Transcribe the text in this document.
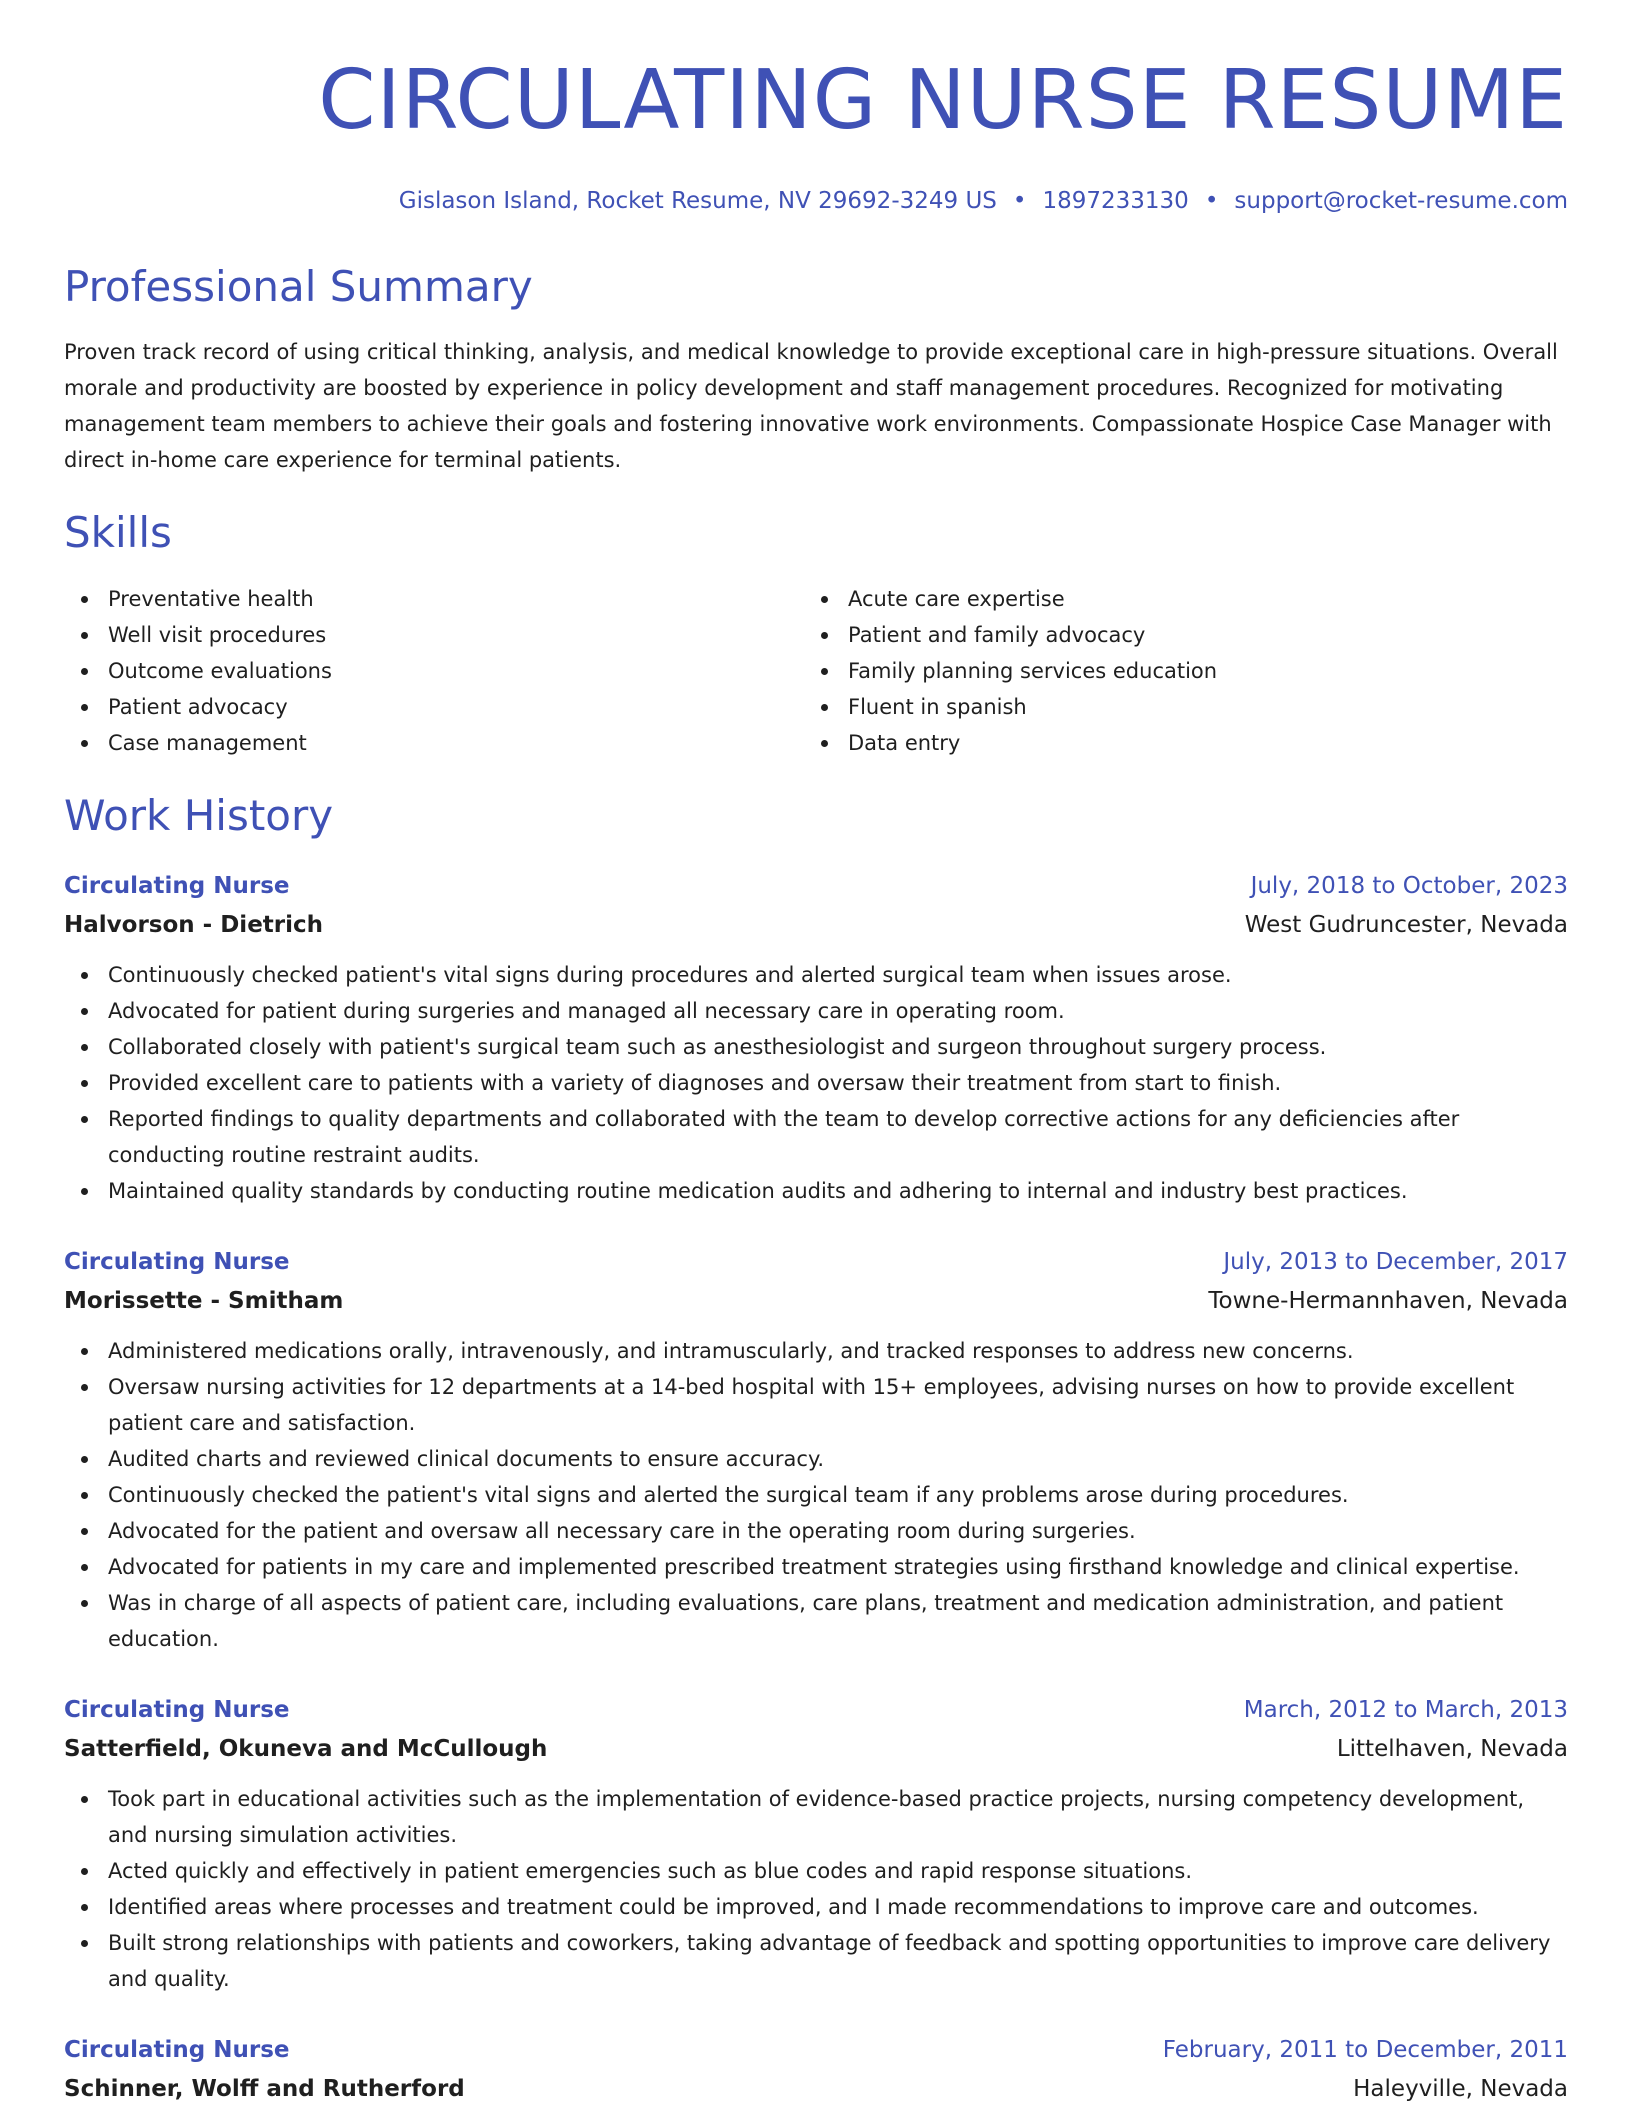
CIRCULATING NURSE RESUME
Gislason Island, Rocket Resume, NV 29692-3249 US • 1897233130 • support@rocket-resume.com
Professional Summary
Proven track record of using critical thinking, analysis, and medical knowledge to provide exceptional care in high-pressure situations. Overall morale and productivity are boosted by experience in policy development and staff management procedures. Recognized for motivating management team members to achieve their goals and fostering innovative work environments. Compassionate Hospice Case Manager with direct in-home care experience for terminal patients.
Skills
Preventative health
Well visit procedures
Outcome evaluations
Patient advocacy
Case management
Acute care expertise
Patient and family advocacy
Family planning services education
Fluent in spanish
Data entry
Work History
Circulating Nurse	July, 2018 to October, 2023
Halvorson - Dietrich	West Gudruncester, Nevada
Continuously checked patient's vital signs during procedures and alerted surgical team when issues arose.
Advocated for patient during surgeries and managed all necessary care in operating room.
Collaborated closely with patient's surgical team such as anesthesiologist and surgeon throughout surgery process.
Provided excellent care to patients with a variety of diagnoses and oversaw their treatment from start to finish.
Reported findings to quality departments and collaborated with the team to develop corrective actions for any deficiencies after conducting routine restraint audits.
Maintained quality standards by conducting routine medication audits and adhering to internal and industry best practices.
Circulating Nurse	July, 2013 to December, 2017
Morissette - Smitham	Towne-Hermannhaven, Nevada
Administered medications orally, intravenously, and intramuscularly, and tracked responses to address new concerns.
Oversaw nursing activities for 12 departments at a 14-bed hospital with 15+ employees, advising nurses on how to provide excellent patient care and satisfaction.
Audited charts and reviewed clinical documents to ensure accuracy.
Continuously checked the patient's vital signs and alerted the surgical team if any problems arose during procedures.
Advocated for the patient and oversaw all necessary care in the operating room during surgeries.
Advocated for patients in my care and implemented prescribed treatment strategies using firsthand knowledge and clinical expertise.
Was in charge of all aspects of patient care, including evaluations, care plans, treatment and medication administration, and patient education.
Circulating Nurse	March, 2012 to March, 2013
Satterfield, Okuneva and McCullough	Littelhaven, Nevada
Took part in educational activities such as the implementation of evidence-based practice projects, nursing competency development, and nursing simulation activities.
Acted quickly and effectively in patient emergencies such as blue codes and rapid response situations.
Identified areas where processes and treatment could be improved, and I made recommendations to improve care and outcomes.
Built strong relationships with patients and coworkers, taking advantage of feedback and spotting opportunities to improve care delivery and quality.
Circulating Nurse	February, 2011 to December, 2011
Schinner, Wolff and Rutherford	Haleyville, Nevada
